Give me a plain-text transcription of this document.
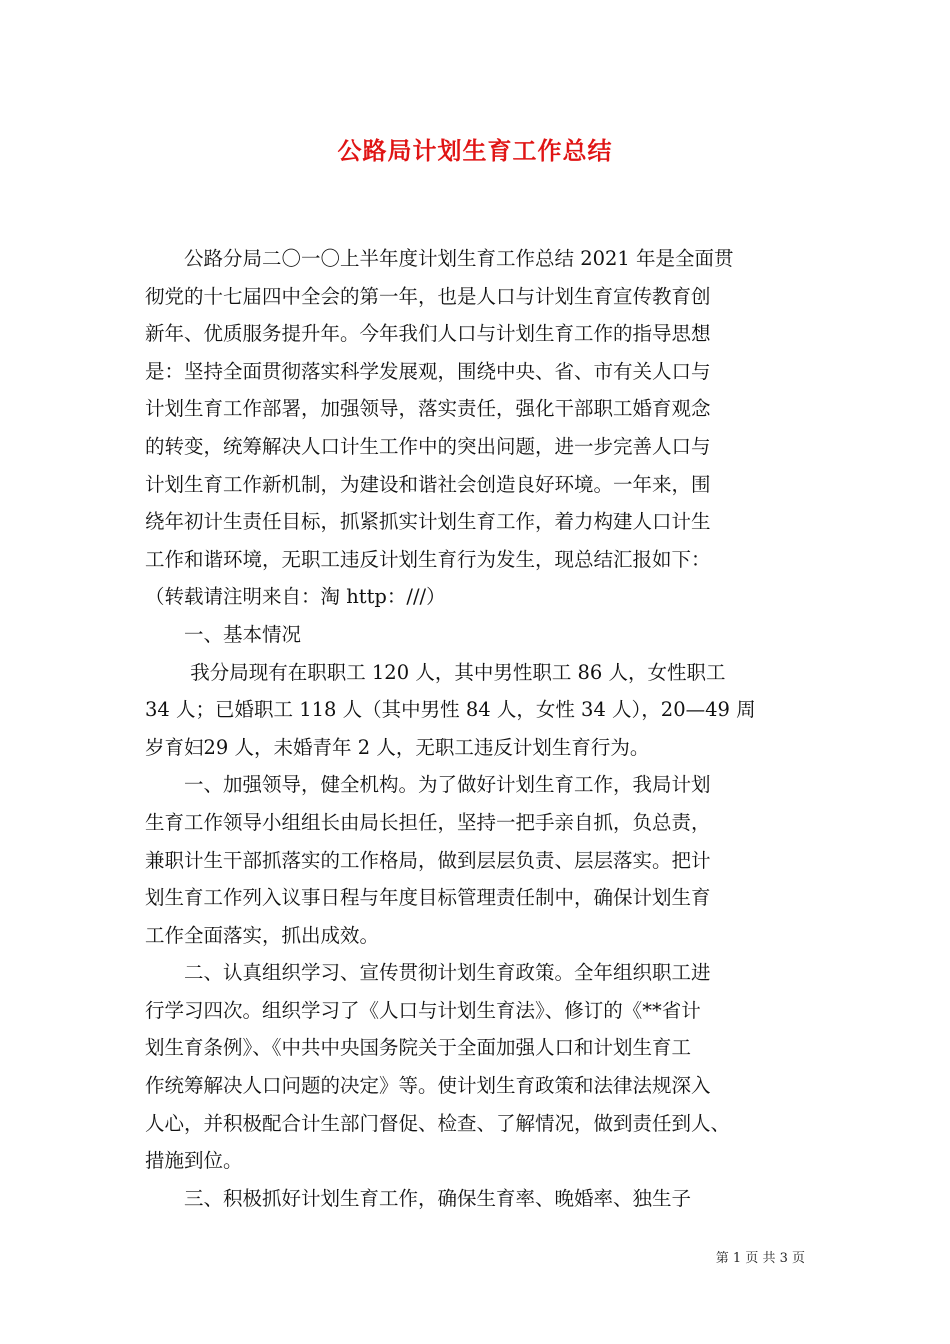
公路局计划生育工作总结
　　公路分局二〇一〇上半年度计划生育工作总结 2021 年是全面贯
彻党的十七届四中全会的第一年，也是人口与计划生育宣传教育创
新年、优质服务提升年。今年我们人口与计划生育工作的指导思想
是：坚持全面贯彻落实科学发展观，围绕中央、省、市有关人口与
计划生育工作部署，加强领导，落实责任，强化干部职工婚育观念
的转变，统筹解决人口计生工作中的突出问题，进一步完善人口与
计划生育工作新机制，为建设和谐社会创造良好环境。一年来，围
绕年初计生责任目标，抓紧抓实计划生育工作，着力构建人口计生
工作和谐环境，无职工违反计划生育行为发生，现总结汇报如下：
（转载请注明来自：淘 http：///）
　　一、基本情况
　　 我分局现有在职职工 120 人，其中男性职工 86 人，女性职工
34 人；已婚职工 118 人（其中男性 84 人，女性 34 人），20—49 周
岁育妇29 人，未婚青年 2 人，无职工违反计划生育行为。
　　一、加强领导，健全机构。为了做好计划生育工作，我局计划
生育工作领导小组组长由局长担任，坚持一把手亲自抓，负总责，
兼职计生干部抓落实的工作格局，做到层层负责、层层落实。把计
划生育工作列入议事日程与年度目标管理责任制中，确保计划生育
工作全面落实，抓出成效。
　　二、认真组织学习、宣传贯彻计划生育政策。全年组织职工进
行学习四次。组织学习了《人口与计划生育法》、修订的《**省计
划生育条例》、《中共中央国务院关于全面加强人口和计划生育工
作统筹解决人口问题的决定》等。使计划生育政策和法律法规深入
人心，并积极配合计生部门督促、检查、了解情况，做到责任到人、
措施到位。
　　三、积极抓好计划生育工作，确保生育率、晚婚率、独生子
第 1 页 共 3 页
